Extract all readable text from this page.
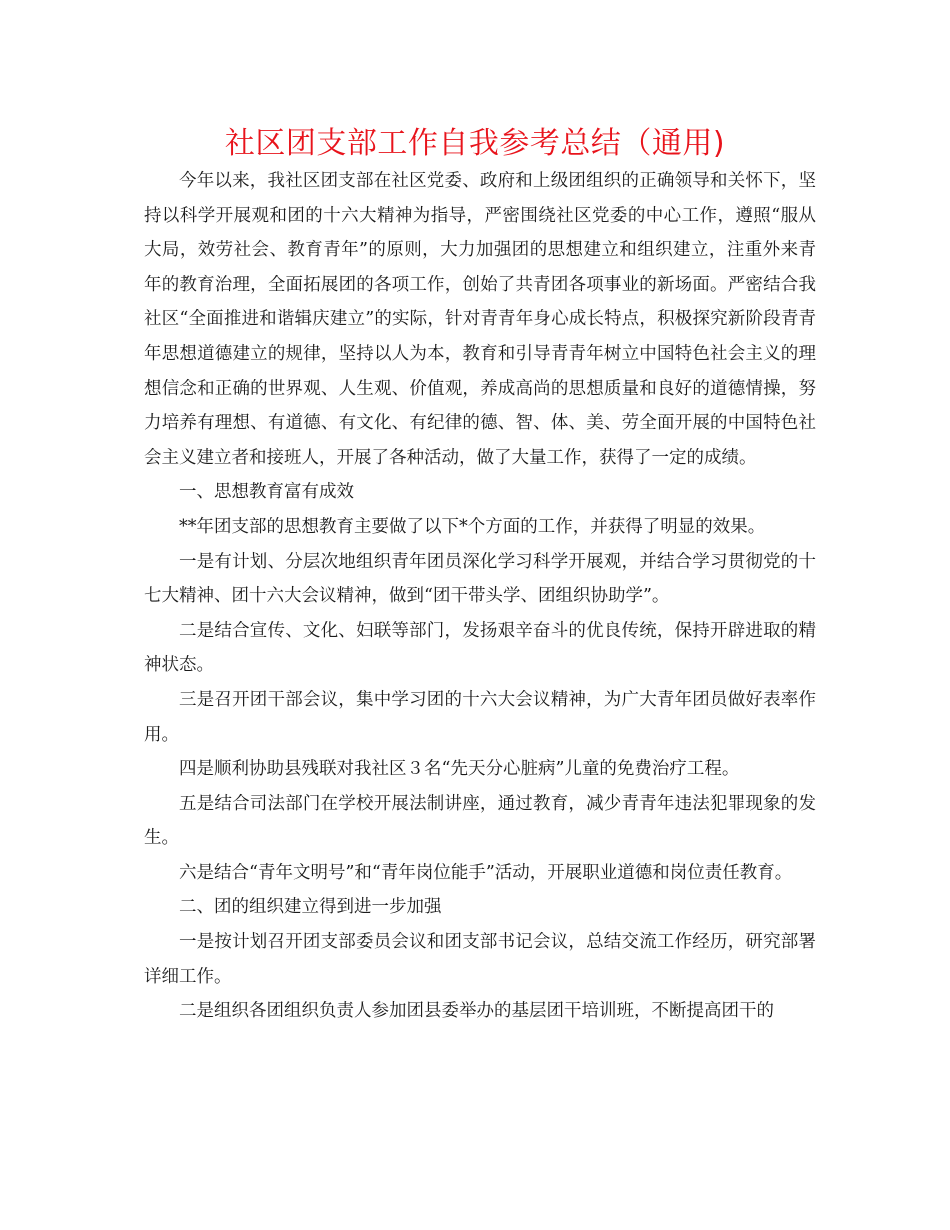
社区团支部工作自我参考总结（通用)

今年以来，我社区团支部在社区党委、政府和上级团组织的正确领导和关怀下，坚持以科学开展观和团的十六大精神为指导，严密围绕社区党委的中心工作，遵照“服从大局，效劳社会、教育青年”的原则，大力加强团的思想建立和组织建立，注重外来青年的教育治理，全面拓展团的各项工作，创始了共青团各项事业的新场面。严密结合我社区“全面推进和谐辑庆建立”的实际，针对青青年身心成长特点，积极探究新阶段青青年思想道德建立的规律，坚持以人为本，教育和引导青青年树立中国特色社会主义的理想信念和正确的世界观、人生观、价值观，养成高尚的思想质量和良好的道德情操，努力培养有理想、有道德、有文化、有纪律的德、智、体、美、劳全面开展的中国特色社会主义建立者和接班人，开展了各种活动，做了大量工作，获得了一定的成绩。

一、思想教育富有成效

**年团支部的思想教育主要做了以下*个方面的工作，并获得了明显的效果。

一是有计划、分层次地组织青年团员深化学习科学开展观，并结合学习贯彻党的十七大精神、团十六大会议精神，做到“团干带头学、团组织协助学”。

二是结合宣传、文化、妇联等部门，发扬艰辛奋斗的优良传统，保持开辟进取的精神状态。

三是召开团干部会议，集中学习团的十六大会议精神，为广大青年团员做好表率作用。

四是顺利协助县残联对我社区３名“先天分心脏病”儿童的免费治疗工程。

五是结合司法部门在学校开展法制讲座，通过教育，减少青青年违法犯罪现象的发生。

六是结合“青年文明号”和“青年岗位能手”活动，开展职业道德和岗位责任教育。

二、团的组织建立得到进一步加强

一是按计划召开团支部委员会议和团支部书记会议，总结交流工作经历，研究部署详细工作。

二是组织各团组织负责人参加团县委举办的基层团干培训班，不断提高团干的
